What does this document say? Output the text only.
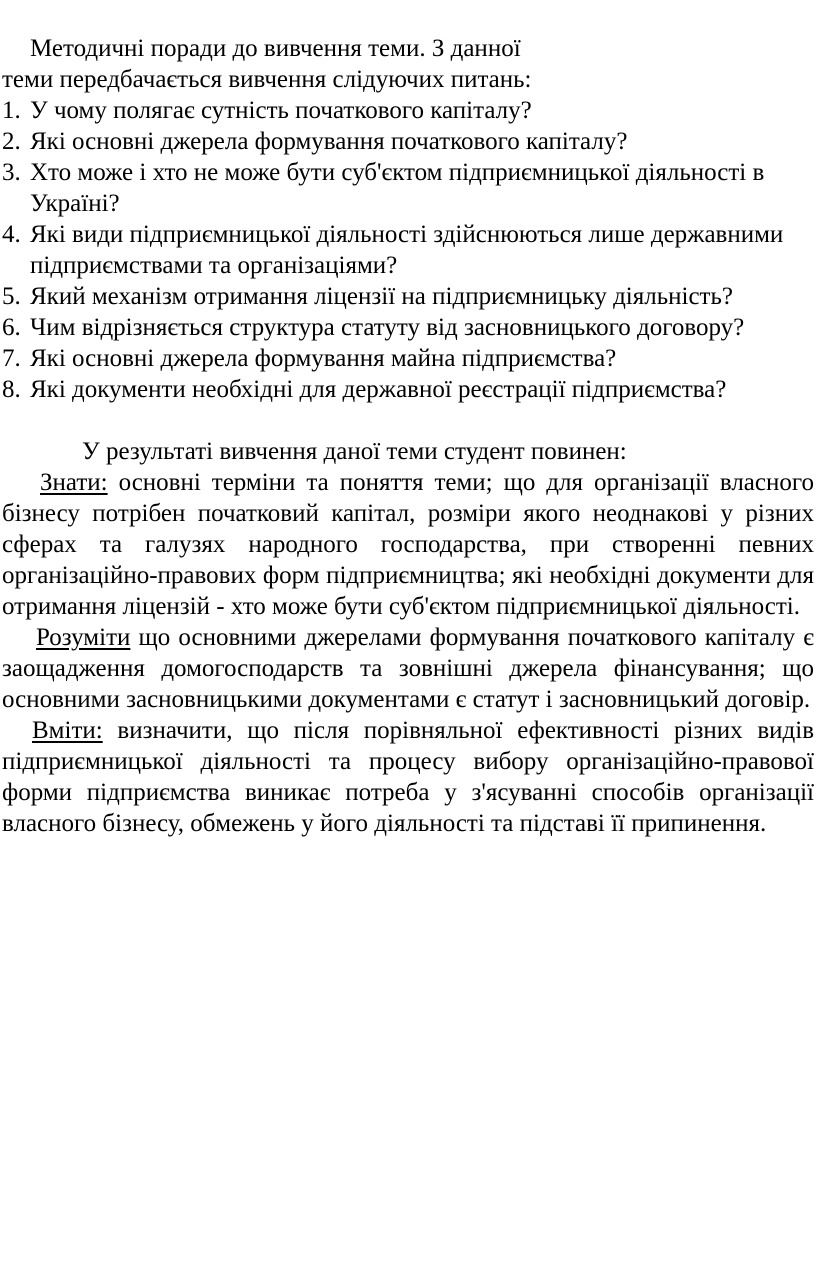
Методичні поради до вивчення теми. З данної
теми передбачається вивчення слідуючих питань:
1. У чому полягає сутність початкового капіталу?
2. Які основні джерела формування початкового капіталу?
3. Хто може і хто не може бути суб'єктом підприємницької діяльності в
Україні?
4. Які види підприємницької діяльності здійснюються лише державними
підприємствами та організаціями?
5. Який механізм отримання ліцензії на підприємницьку діяльність?
6. Чим відрізняється структура статуту від засновницького договору?
7. Які основні джерела формування майна підприємства?
8. Які документи необхідні для державної реєстрації підприємства?
У результаті вивчення даної теми студент повинен:

Знати: основні терміни та поняття теми; що для організації власного бізнесу потрібен початковий капітал, розміри якого неоднакові у різних сферах та галузях народного господарства, при створенні певних організаційно-правових форм підприємництва; які необхідні документи для отримання ліцензій - хто може бути суб'єктом підприємницької діяльності.

Розуміти що основними джерелами формування початкового капіталу є заощадження домогосподарств та зовнішні джерела фінансування; що основними засновницькими документами є статут і засновницький договір.

Вміти: визначити, що після порівняльної ефективності різних видів підприємницької діяльності та процесу вибору організаційно-правової форми підприємства виникає потреба у з'ясуванні способів організації власного бізнесу, обмежень у його діяльності та підставі її припинення.
